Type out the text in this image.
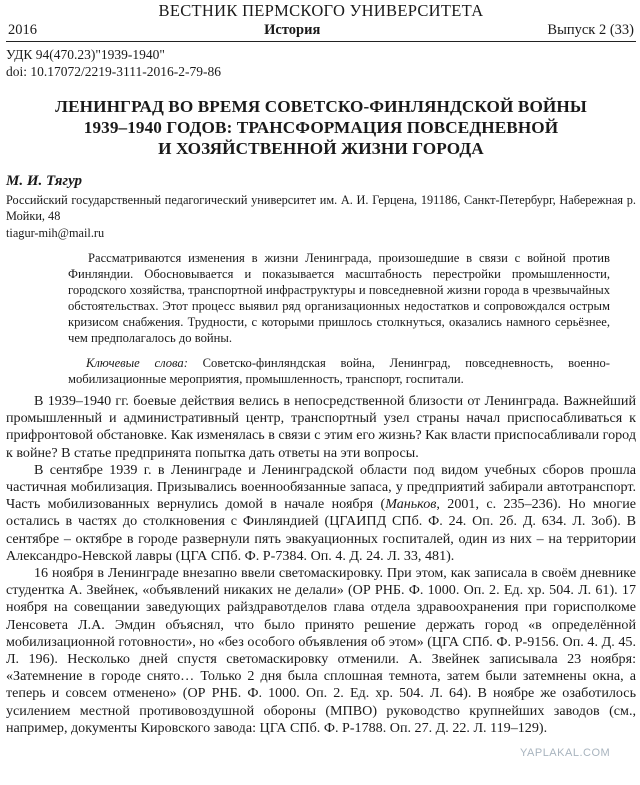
ВЕСТНИК ПЕРМСКОГО УНИВЕРСИТЕТА
2016	История	Выпуск 2 (33)
УДК 94(470.23)"1939-1940"
doi: 10.17072/2219-3111-2016-2-79-86
ЛЕНИНГРАД ВО ВРЕМЯ СОВЕТСКО-ФИНЛЯНДСКОЙ ВОЙНЫ
1939–1940 ГОДОВ: ТРАНСФОРМАЦИЯ ПОВСЕДНЕВНОЙ
И ХОЗЯЙСТВЕННОЙ ЖИЗНИ ГОРОДА
М. И. Тягур
Российский государственный педагогический университет им. А. И. Герцена, 191186, Санкт-Петербург, Набережная р. Мойки, 48
tiagur-mih@mail.ru
Рассматриваются изменения в жизни Ленинграда, произошедшие в связи с войной против Финляндии. Обосновывается и показывается масштабность перестройки промышленности, городского хозяйства, транспортной инфраструктуры и повседневной жизни города в чрезвычайных обстоятельствах. Этот процесс выявил ряд организационных недостатков и сопровождался острым кризисом снабжения. Трудности, с которыми пришлось столкнуться, оказались намного серьёзнее, чем предполагалось до войны.
Ключевые слова: Советско-финляндская война, Ленинград, повседневность, военно-мобилизационные мероприятия, промышленность, транспорт, госпитали.

В 1939–1940 гг. боевые действия велись в непосредственной близости от Ленинграда. Важнейший промышленный и административный центр, транспортный узел страны начал приспосабливаться к прифронтовой обстановке. Как изменялась в связи с этим его жизнь? Как власти приспосабливали город к войне? В статье предпринята попытка дать ответы на эти вопросы.

В сентябре 1939 г. в Ленинграде и Ленинградской области под видом учебных сборов прошла частичная мобилизация. Призывались военнообязанные запаса, у предприятий забирали автотранспорт. Часть мобилизованных вернулись домой в начале ноября (Маньков, 2001, с. 235–236). Но многие остались в частях до столкновения с Финляндией (ЦГАИПД СПб. Ф. 24. Оп. 2б. Д. 634. Л. 3об). В сентябре – октябре в городе развернули пять эвакуационных госпиталей, один из них – на территории Александро-Невской лавры (ЦГА СПб. Ф. Р-7384. Оп. 4. Д. 24. Л. 33, 481).

16 ноября в Ленинграде внезапно ввели светомаскировку. При этом, как записала в своём дневнике студентка А. Звейнек, «объявлений никаких не делали» (ОР РНБ. Ф. 1000. Оп. 2. Ед. хр. 504. Л. 61). 17 ноября на совещании заведующих райздравотделов глава отдела здравоохранения при горисполкоме Ленсовета Л.А. Эмдин объяснял, что было принято решение держать город «в определённой мобилизационной готовности», но «без особого объявления об этом» (ЦГА СПб. Ф. Р-9156. Оп. 4. Д. 45. Л. 196). Несколько дней спустя светомаскировку отменили. А. Звейнек записывала 23 ноября: «Затемнение в городе снято… Только 2 дня была сплошная темнота, затем были затемнены окна, а теперь и совсем отменено» (ОР РНБ. Ф. 1000. Оп. 2. Ед. хр. 504. Л. 64). В ноябре же озаботилось усилением местной противовоздушной обороны (МПВО) руководство крупнейших заводов (см., например, документы Кировского завода: ЦГА СПб. Ф. Р-1788. Оп. 27. Д. 22. Л. 119–129).

YAPLAKAL.COM
